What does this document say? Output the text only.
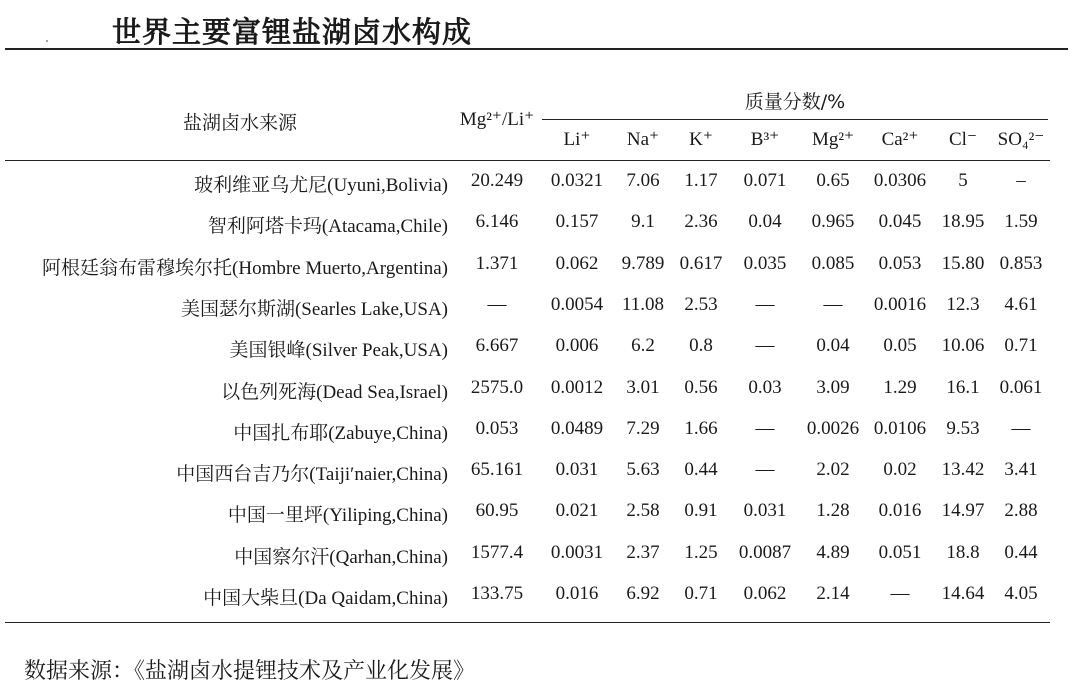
世界主要富锂盐湖卤水构成
盐湖卤水来源	Mg²⁺/Li⁺
质量分数/%
Li⁺ Na⁺ K⁺ B³⁺ Mg²⁺ Ca²⁺ Cl⁻ SO₄²⁻
玻利维亚乌尤尼(Uyuni,Bolivia) 20.249 0.0321 7.06 1.17 0.071 0.65 0.0306 5	–
智利阿塔卡玛(Atacama,Chile) 6.146 0.157 9.1 2.36 0.04 0.965 0.045 18.95 1.59
阿根廷翁布雷穆埃尔托(Hombre Muerto,Argentina) 1.371 0.062 9.789 0.617 0.035 0.085 0.053 15.80 0.853
美国瑟尔斯湖(Searles Lake,USA) — 0.0054 11.08 2.53 —	— 0.0016 12.3 4.61
美国银峰(Silver Peak,USA) 6.667 0.006 6.2 0.8 — 0.04 0.05 10.06 0.71
以色列死海(Dead Sea,Israel) 2575.0 0.0012 3.01 0.56 0.03 3.09 1.29 16.1 0.061
中国扎布耶(Zabuye,China) 0.053 0.0489 7.29 1.66 — 0.0026 0.0106 9.53 —
中国西台吉乃尔(Taiji′naier,China) 65.161 0.031 5.63 0.44 — 2.02 0.02 13.42 3.41
中国一里坪(Yiliping,China) 60.95 0.021 2.58 0.91 0.031 1.28 0.016 14.97 2.88
中国察尔汗(Qarhan,China) 1577.4 0.0031 2.37 1.25 0.0087 4.89 0.051 18.8 0.44
中国大柴旦(Da Qaidam,China) 133.75 0.016 6.92 0.71 0.062 2.14 — 14.64 4.05
数据来源：《盐湖卤水提锂技术及产业化发展》
